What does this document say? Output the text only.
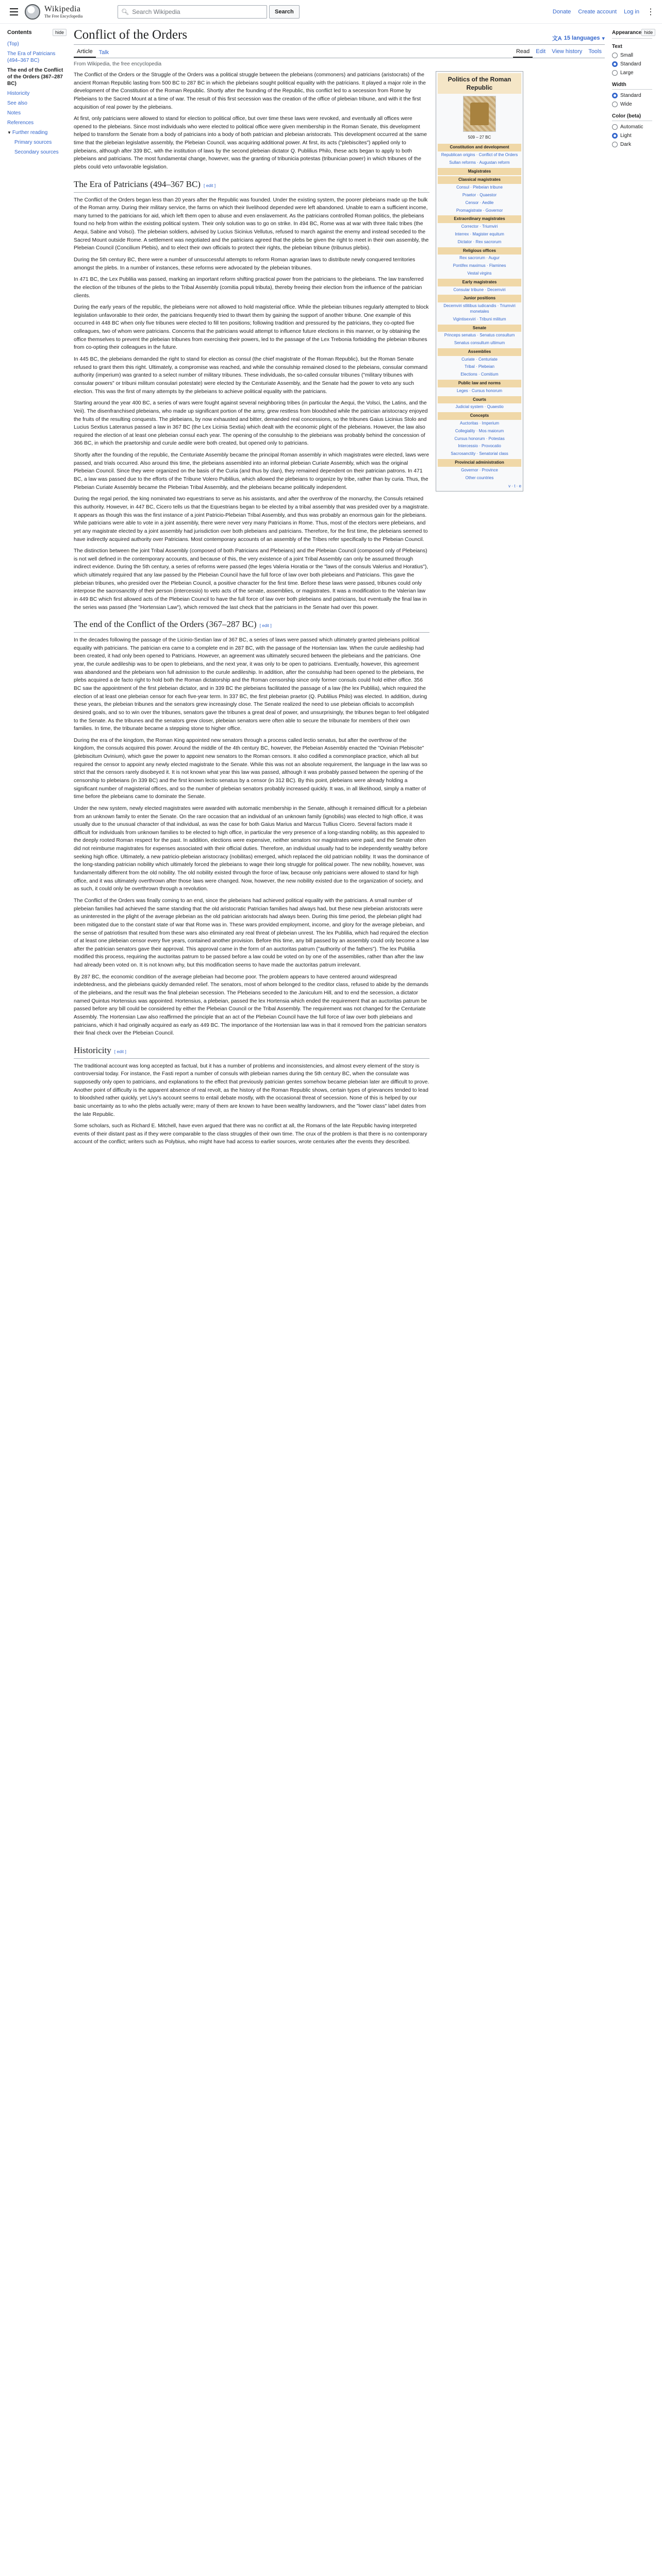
Wikipedia
The Free Encyclopedia
🔍︎ Search Wikipedia	Search	Donate Create account Log in ⋮
Contents	hide
(Top)
The Era of Patricians (494–367 BC)
The end of the Conflict of the Orders (367–287 BC)
Historicity
See also
Notes
References
▼ Further reading
Primary sources
Secondary sources
Conflict of the Orders	文A 15 languages ▾
Article	Talk	Read	Edit	View history	Tools
From Wikipedia, the free encyclopedia

The Conflict of the Orders or the Struggle of the Orders was a political struggle between the plebeians (commoners) and patricians (aristocrats) of the ancient Roman Republic lasting from 500 BC to 287 BC in which the plebeians sought political equality with the patricians. It played a major role in the development of the Constitution of the Roman Republic. Shortly after the founding of the Republic, this conflict led to a secession from Rome by Plebeians to the Sacred Mount at a time of war. The result of this first secession was the creation of the office of plebeian tribune, and with it the first acquisition of real power by the plebeians.

At first, only patricians were allowed to stand for election to political office, but over time these laws were revoked, and eventually all offices were opened to the plebeians. Since most individuals who were elected to political office were given membership in the Roman Senate, this development helped to transform the Senate from a body of patricians into a body of both patrician and plebeian aristocrats. This development occurred at the same time that the plebeian legislative assembly, the Plebeian Council, was acquiring additional power. At first, its acts ("plebiscites") applied only to plebeians, although after 339 BC, with the institution of laws by the second plebeian dictator Q. Publilius Philo, these acts began to apply to both plebeians and patricians. The most fundamental change, however, was the granting of tribunicia potestas (tribunician power) in which tribunes of the plebs could veto unfavorable legislation.

The Era of Patricians (494–367 BC) [ edit ]

The Conflict of the Orders began less than 20 years after the Republic was founded. Under the existing system, the poorer plebeians made up the bulk of the Roman army. During their military service, the farms on which their livelihood depended were left abandoned. Unable to earn a sufficient income, many turned to the patricians for aid, which left them open to abuse and even enslavement. As the patricians controlled Roman politics, the plebeians found no help from within the existing political system. Their only solution was to go on strike. In 494 BC, Rome was at war with three Italic tribes (the Aequi, Sabine and Volsci). The plebeian soldiers, advised by Lucius Sicinius Vellutus, refused to march against the enemy and instead seceded to the Sacred Mount outside Rome. A settlement was negotiated and the patricians agreed that the plebs be given the right to meet in their own assembly, the Plebeian Council (Concilium Plebis), and to elect their own officials to protect their rights, the plebeian tribune (tribunus plebis).

During the 5th century BC, there were a number of unsuccessful attempts to reform Roman agrarian laws to distribute newly conquered territories amongst the plebs. In a number of instances, these reforms were advocated by the plebeian tribunes.

In 471 BC, the Lex Publilia was passed, marking an important reform shifting practical power from the patricians to the plebeians. The law transferred the election of the tribunes of the plebs to the Tribal Assembly (comitia populi tributa), thereby freeing their election from the influence of the patrician clients.

During the early years of the republic, the plebeians were not allowed to hold magisterial office. While the plebeian tribunes regularly attempted to block legislation unfavorable to their order, the patricians frequently tried to thwart them by gaining the support of another tribune. One example of this occurred in 448 BC when only five tribunes were elected to fill ten positions; following tradition and pressured by the patricians, they co-opted five colleagues, two of whom were patricians. Concerns that the patricians would attempt to influence future elections in this manner, or by obtaining the office themselves to prevent the plebeian tribunes from exercising their powers, led to the passage of the Lex Trebonia forbidding the plebeian tribunes from co-opting their colleagues in the future.

In 445 BC, the plebeians demanded the right to stand for election as consul (the chief magistrate of the Roman Republic), but the Roman Senate refused to grant them this right. Ultimately, a compromise was reached, and while the consulship remained closed to the plebeians, consular command authority (imperium) was granted to a select number of military tribunes. These individuals, the so-called consular tribunes ("military tribunes with consular powers" or tribuni militum consulari potestate) were elected by the Centuriate Assembly, and the Senate had the power to veto any such election. This was the first of many attempts by the plebeians to achieve political equality with the patricians.

Starting around the year 400 BC, a series of wars were fought against several neighboring tribes (in particular the Aequi, the Volsci, the Latins, and the Veii). The disenfranchised plebeians, who made up significant portion of the army, grew restless from bloodshed while the patrician aristocracy enjoyed the fruits of the resulting conquests. The plebeians, by now exhausted and bitter, demanded real concessions, so the tribunes Gaius Licinius Stolo and Lucius Sextius Lateranus passed a law in 367 BC (the Lex Licinia Sextia) which dealt with the economic plight of the plebeians. However, the law also required the election of at least one plebeian consul each year. The opening of the consulship to the plebeians was probably behind the concession of 366 BC, in which the praetorship and curule aedile were both created, but opened only to patricians.

Shortly after the founding of the republic, the Centuriate Assembly became the principal Roman assembly in which magistrates were elected, laws were passed, and trials occurred. Also around this time, the plebeians assembled into an informal plebeian Curiate Assembly, which was the original Plebeian Council. Since they were organized on the basis of the Curia (and thus by clan), they remained dependent on their patrician patrons. In 471 BC, a law was passed due to the efforts of the Tribune Volero Publilius, which allowed the plebeians to organize by tribe, rather than by curia. Thus, the Plebeian Curiate Assembly became the Plebeian Tribal Assembly, and the plebeians became politically independent.

During the regal period, the king nominated two equestrians to serve as his assistants, and after the overthrow of the monarchy, the Consuls retained this authority. However, in 447 BC, Cicero tells us that the Equestrians began to be elected by a tribal assembly that was presided over by a magistrate. It appears as though this was the first instance of a joint Patricio-Plebeian Tribal Assembly, and thus was probably an enormous gain for the plebeians. While patricians were able to vote in a joint assembly, there were never very many Patricians in Rome. Thus, most of the electors were plebeians, and yet any magistrate elected by a joint assembly had jurisdiction over both plebeians and patricians. Therefore, for the first time, the plebeians seemed to have indirectly acquired authority over Patricians. Most contemporary accounts of an assembly of the Tribes refer specifically to the Plebeian Council.

The distinction between the joint Tribal Assembly (composed of both Patricians and Plebeians) and the Plebeian Council (composed only of Plebeians) is not well defined in the contemporary accounts, and because of this, the very existence of a joint Tribal Assembly can only be assumed through indirect evidence. During the 5th century, a series of reforms were passed (the leges Valeria Horatia or the "laws of the consuls Valerius and Horatius"), which ultimately required that any law passed by the Plebeian Council have the full force of law over both plebeians and Patricians. This gave the plebeian tribunes, who presided over the Plebeian Council, a positive character for the first time. Before these laws were passed, tribunes could only interpose the sacrosanctity of their person (intercessio) to veto acts of the senate, assemblies, or magistrates. It was a modification to the Valerian law in 449 BC which first allowed acts of the Plebeian Council to have the full force of law over both plebeians and patricians, but eventually the final law in the series was passed (the "Hortensian Law"), which removed the last check that the patricians in the Senate had over this power.

The end of the Conflict of the Orders (367–287 BC) [ edit ]

In the decades following the passage of the Licinio-Sextian law of 367 BC, a series of laws were passed which ultimately granted plebeians political equality with patricians. The patrician era came to a complete end in 287 BC, with the passage of the Hortensian law. When the curule aedileship had been created, it had only been opened to Patricians. However, an agreement was ultimately secured between the plebeians and the patricians. One year, the curule aedileship was to be open to plebeians, and the next year, it was only to be open to patricians. Eventually, however, this agreement was abandoned and the plebeians won full admission to the curule aedileship. In addition, after the consulship had been opened to the plebeians, the plebs acquired a de facto right to hold both the Roman dictatorship and the Roman censorship since only former consuls could hold either office. 356 BC saw the appointment of the first plebeian dictator, and in 339 BC the plebeians facilitated the passage of a law (the lex Publilia), which required the election of at least one plebeian censor for each five-year term. In 337 BC, the first plebeian praetor (Q. Publilius Philo) was elected. In addition, during these years, the plebeian tribunes and the senators grew increasingly close. The Senate realized the need to use plebeian officials to accomplish desired goals, and so to win over the tribunes, senators gave the tribunes a great deal of power, and unsurprisingly, the tribunes began to feel obligated to the Senate. As the tribunes and the senators grew closer, plebeian senators were often able to secure the tribunate for members of their own families. In time, the tribunate became a stepping stone to higher office.

During the era of the kingdom, the Roman King appointed new senators through a process called lectio senatus, but after the overthrow of the kingdom, the consuls acquired this power. Around the middle of the 4th century BC, however, the Plebeian Assembly enacted the "Ovinian Plebiscite" (plebiscitum Ovinium), which gave the power to appoint new senators to the Roman censors. It also codified a commonplace practice, which all but required the censor to appoint any newly elected magistrate to the Senate. While this was not an absolute requirement, the language in the law was so strict that the censors rarely disobeyed it. It is not known what year this law was passed, although it was probably passed between the opening of the censorship to plebeians (in 339 BC) and the first known lectio senatus by a censor (in 312 BC). By this point, plebeians were already holding a significant number of magisterial offices, and so the number of plebeian senators probably increased quickly. It was, in all likelihood, simply a matter of time before the plebeians came to dominate the Senate.

Under the new system, newly elected magistrates were awarded with automatic membership in the Senate, although it remained difficult for a plebeian from an unknown family to enter the Senate. On the rare occasion that an individual of an unknown family (ignobilis) was elected to high office, it was usually due to the unusual character of that individual, as was the case for both Gaius Marius and Marcus Tullius Cicero. Several factors made it difficult for individuals from unknown families to be elected to high office, in particular the very presence of a long-standing nobility, as this appealed to the deeply rooted Roman respect for the past. In addition, elections were expensive, neither senators nor magistrates were paid, and the Senate often did not reimburse magistrates for expenses associated with their official duties. Therefore, an individual usually had to be independently wealthy before seeking high office. Ultimately, a new patricio-plebeian aristocracy (nobilitas) emerged, which replaced the old patrician nobility. It was the dominance of the long-standing patrician nobility which ultimately forced the plebeians to wage their long struggle for political power. The new nobility, however, was fundamentally different from the old nobility. The old nobility existed through the force of law, because only patricians were allowed to stand for high office, and it was ultimately overthrown after those laws were changed. Now, however, the new nobility existed due to the organization of society, and as such, it could only be overthrown through a revolution.

The Conflict of the Orders was finally coming to an end, since the plebeians had achieved political equality with the patricians. A small number of plebeian families had achieved the same standing that the old aristocratic Patrician families had always had, but these new plebeian aristocrats were as uninterested in the plight of the average plebeian as the old patrician aristocrats had always been. During this time period, the plebeian plight had been mitigated due to the constant state of war that Rome was in. These wars provided employment, income, and glory for the average plebeian, and the sense of patriotism that resulted from these wars also eliminated any real threat of plebeian unrest. The lex Publilia, which had required the election of at least one plebeian censor every five years, contained another provision. Before this time, any bill passed by an assembly could only become a law after the patrician senators gave their approval. This approval came in the form of an auctoritas patrum ("authority of the fathers"). The lex Publilia modified this process, requiring the auctoritas patrum to be passed before a law could be voted on by one of the assemblies, rather than after the law had already been voted on. It is not known why, but this modification seems to have made the auctoritas patrum irrelevant.

By 287 BC, the economic condition of the average plebeian had become poor. The problem appears to have centered around widespread indebtedness, and the plebeians quickly demanded relief. The senators, most of whom belonged to the creditor class, refused to abide by the demands of the plebeians, and the result was the final plebeian secession. The Plebeians seceded to the Janiculum Hill, and to end the secession, a dictator named Quintus Hortensius was appointed. Hortensius, a plebeian, passed the lex Hortensia which ended the requirement that an auctoritas patrum be passed before any bill could be considered by either the Plebeian Council or the Tribal Assembly. The requirement was not changed for the Centuriate Assembly. The Hortensian Law also reaffirmed the principle that an act of the Plebeian Council have the full force of law over both plebeians and patricians, which it had originally acquired as early as 449 BC. The importance of the Hortensian law was in that it removed from the patrician senators their final check over the Plebeian Council.

Historicity [ edit ]

The traditional account was long accepted as factual, but it has a number of problems and inconsistencies, and almost every element of the story is controversial today. For instance, the Fasti report a number of consuls with plebeian names during the 5th century BC, when the consulate was supposedly only open to patricians, and explanations to the effect that previously patrician gentes somehow became plebeian later are difficult to prove. Another point of difficulty is the apparent absence of real revolt, as the history of the Roman Republic shows, certain types of grievances tended to lead to bloodshed rather quickly, yet Livy's account seems to entail debate mostly, with the occasional threat of secession. None of this is helped by our basic uncertainty as to who the plebs actually were; many of them are known to have been wealthy landowners, and the "lower class" label dates from the late Republic.

Some scholars, such as Richard E. Mitchell, have even argued that there was no conflict at all, the Romans of the late Republic having interpreted events of their distant past as if they were comparable to the class struggles of their own time. The crux of the problem is that there is no contemporary account of the conflict; writers such as Polybius, who might have had access to earlier sources, wrote centuries after the events they described.

Politics of the Roman Republic
509 – 27 BC
Constitution and development
Republican origins · Conflict of the Orders
Sullan reforms · Augustan reform
Magistrates
Classical magistrates
Consul · Plebeian tribune
Praetor · Quaestor
Censor · Aedile
Promagistrate · Governor
Extraordinary magistrates
Corrector · Triumviri
Interrex · Magister equitum
Dictator · Rex sacrorum
Religious offices
Rex sacrorum · Augur
Pontifex maximus · Flamines
Vestal virgins
Early magistrates
Consular tribune · Decemviri
Junior positions
Decemviri stlitibus iudicandis · Triumviri monetales
Vigintisexviri · Tribuni militum
Senate
Princeps senatus · Senatus consultum
Senatus consultum ultimum
Assemblies
Curiate · Centuriate
Tribal · Plebeian
Elections · Comitium
Public law and norms
Leges · Cursus honorum
Courts
Judicial system · Quaestio
Concepts
Auctoritas · Imperium
Collegiality · Mos maiorum
Cursus honorum · Potestas
Intercessio · Provocatio
Sacrosanctity · Senatorial class
Provincial administration
Governor · Province
Other countries
v · t · e
Appearance hide
Text
Small
Standard
Large
Width
Standard
Wide
Color (beta)
Automatic
Light
Dark
